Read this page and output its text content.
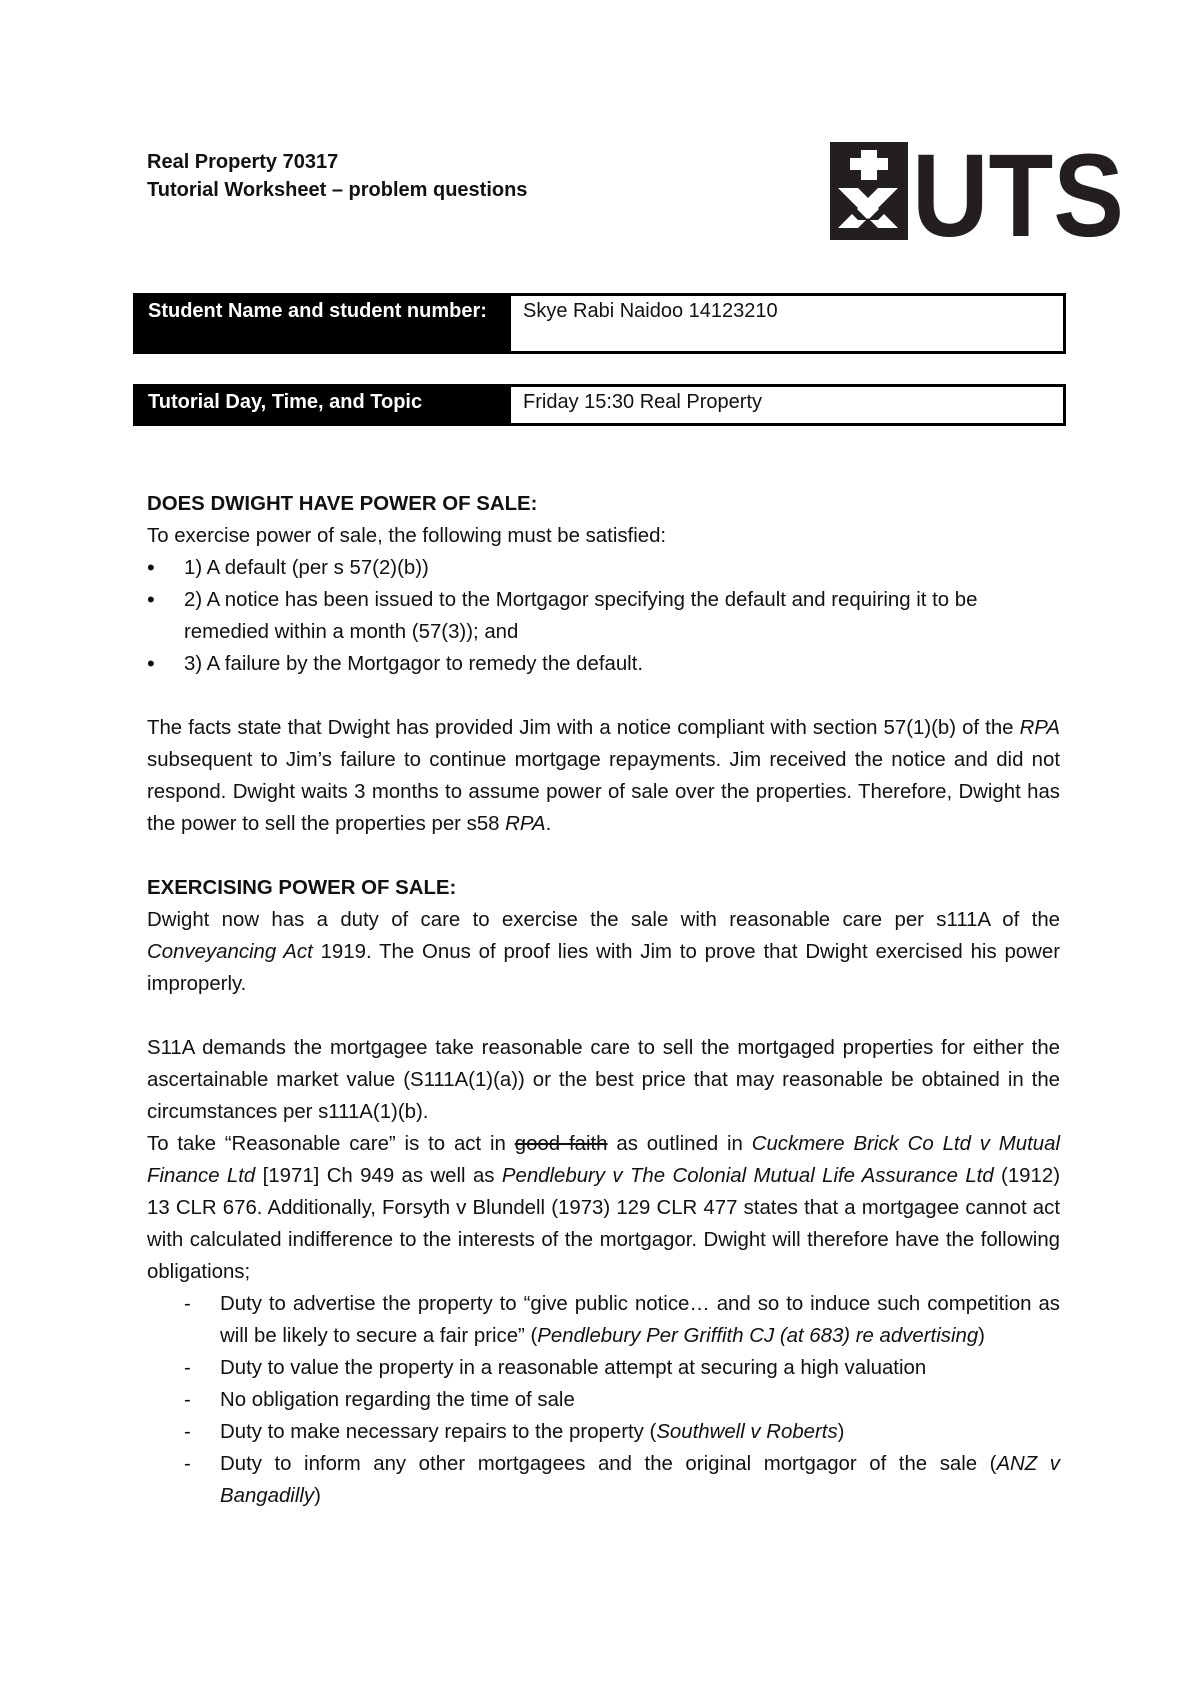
Real Property 70317
Tutorial Worksheet – problem questions	UTS
Student Name and student number:	Skye Rabi Naidoo 14123210
Tutorial Day, Time, and Topic	Friday 15:30 Real Property

DOES DWIGHT HAVE POWER OF SALE:

To exercise power of sale, the following must be satisfied:

• 1) A default (per s 57(2)(b))
• 2) A notice has been issued to the Mortgagor specifying the default and requiring it to be remedied within a month (57(3)); and
• 3) A failure by the Mortgagor to remedy the default.

The facts state that Dwight has provided Jim with a notice compliant with section 57(1)(b) of the RPA subsequent to Jim’s failure to continue mortgage repayments. Jim received the notice and did not respond. Dwight waits 3 months to assume power of sale over the properties. Therefore, Dwight has the power to sell the properties per s58 RPA.

EXERCISING POWER OF SALE:

Dwight now has a duty of care to exercise the sale with reasonable care per s111A of the Conveyancing Act 1919. The Onus of proof lies with Jim to prove that Dwight exercised his power improperly.

S11A demands the mortgagee take reasonable care to sell the mortgaged properties for either the ascertainable market value (S111A(1)(a)) or the best price that may reasonable be obtained in the circumstances per s111A(1)(b).

To take “Reasonable care” is to act in good faith as outlined in Cuckmere Brick Co Ltd v Mutual Finance Ltd [1971] Ch 949 as well as Pendlebury v The Colonial Mutual Life Assurance Ltd (1912) 13 CLR 676. Additionally, Forsyth v Blundell (1973) 129 CLR 477 states that a mortgagee cannot act with calculated indifference to the interests of the mortgagor. Dwight will therefore have the following obligations;

- Duty to advertise the property to “give public notice… and so to induce such competition as will be likely to secure a fair price” (Pendlebury Per Griffith CJ (at 683) re advertising)
- Duty to value the property in a reasonable attempt at securing a high valuation
- No obligation regarding the time of sale
- Duty to make necessary repairs to the property (Southwell v Roberts)
- Duty to inform any other mortgagees and the original mortgagor of the sale (ANZ v Bangadilly)
